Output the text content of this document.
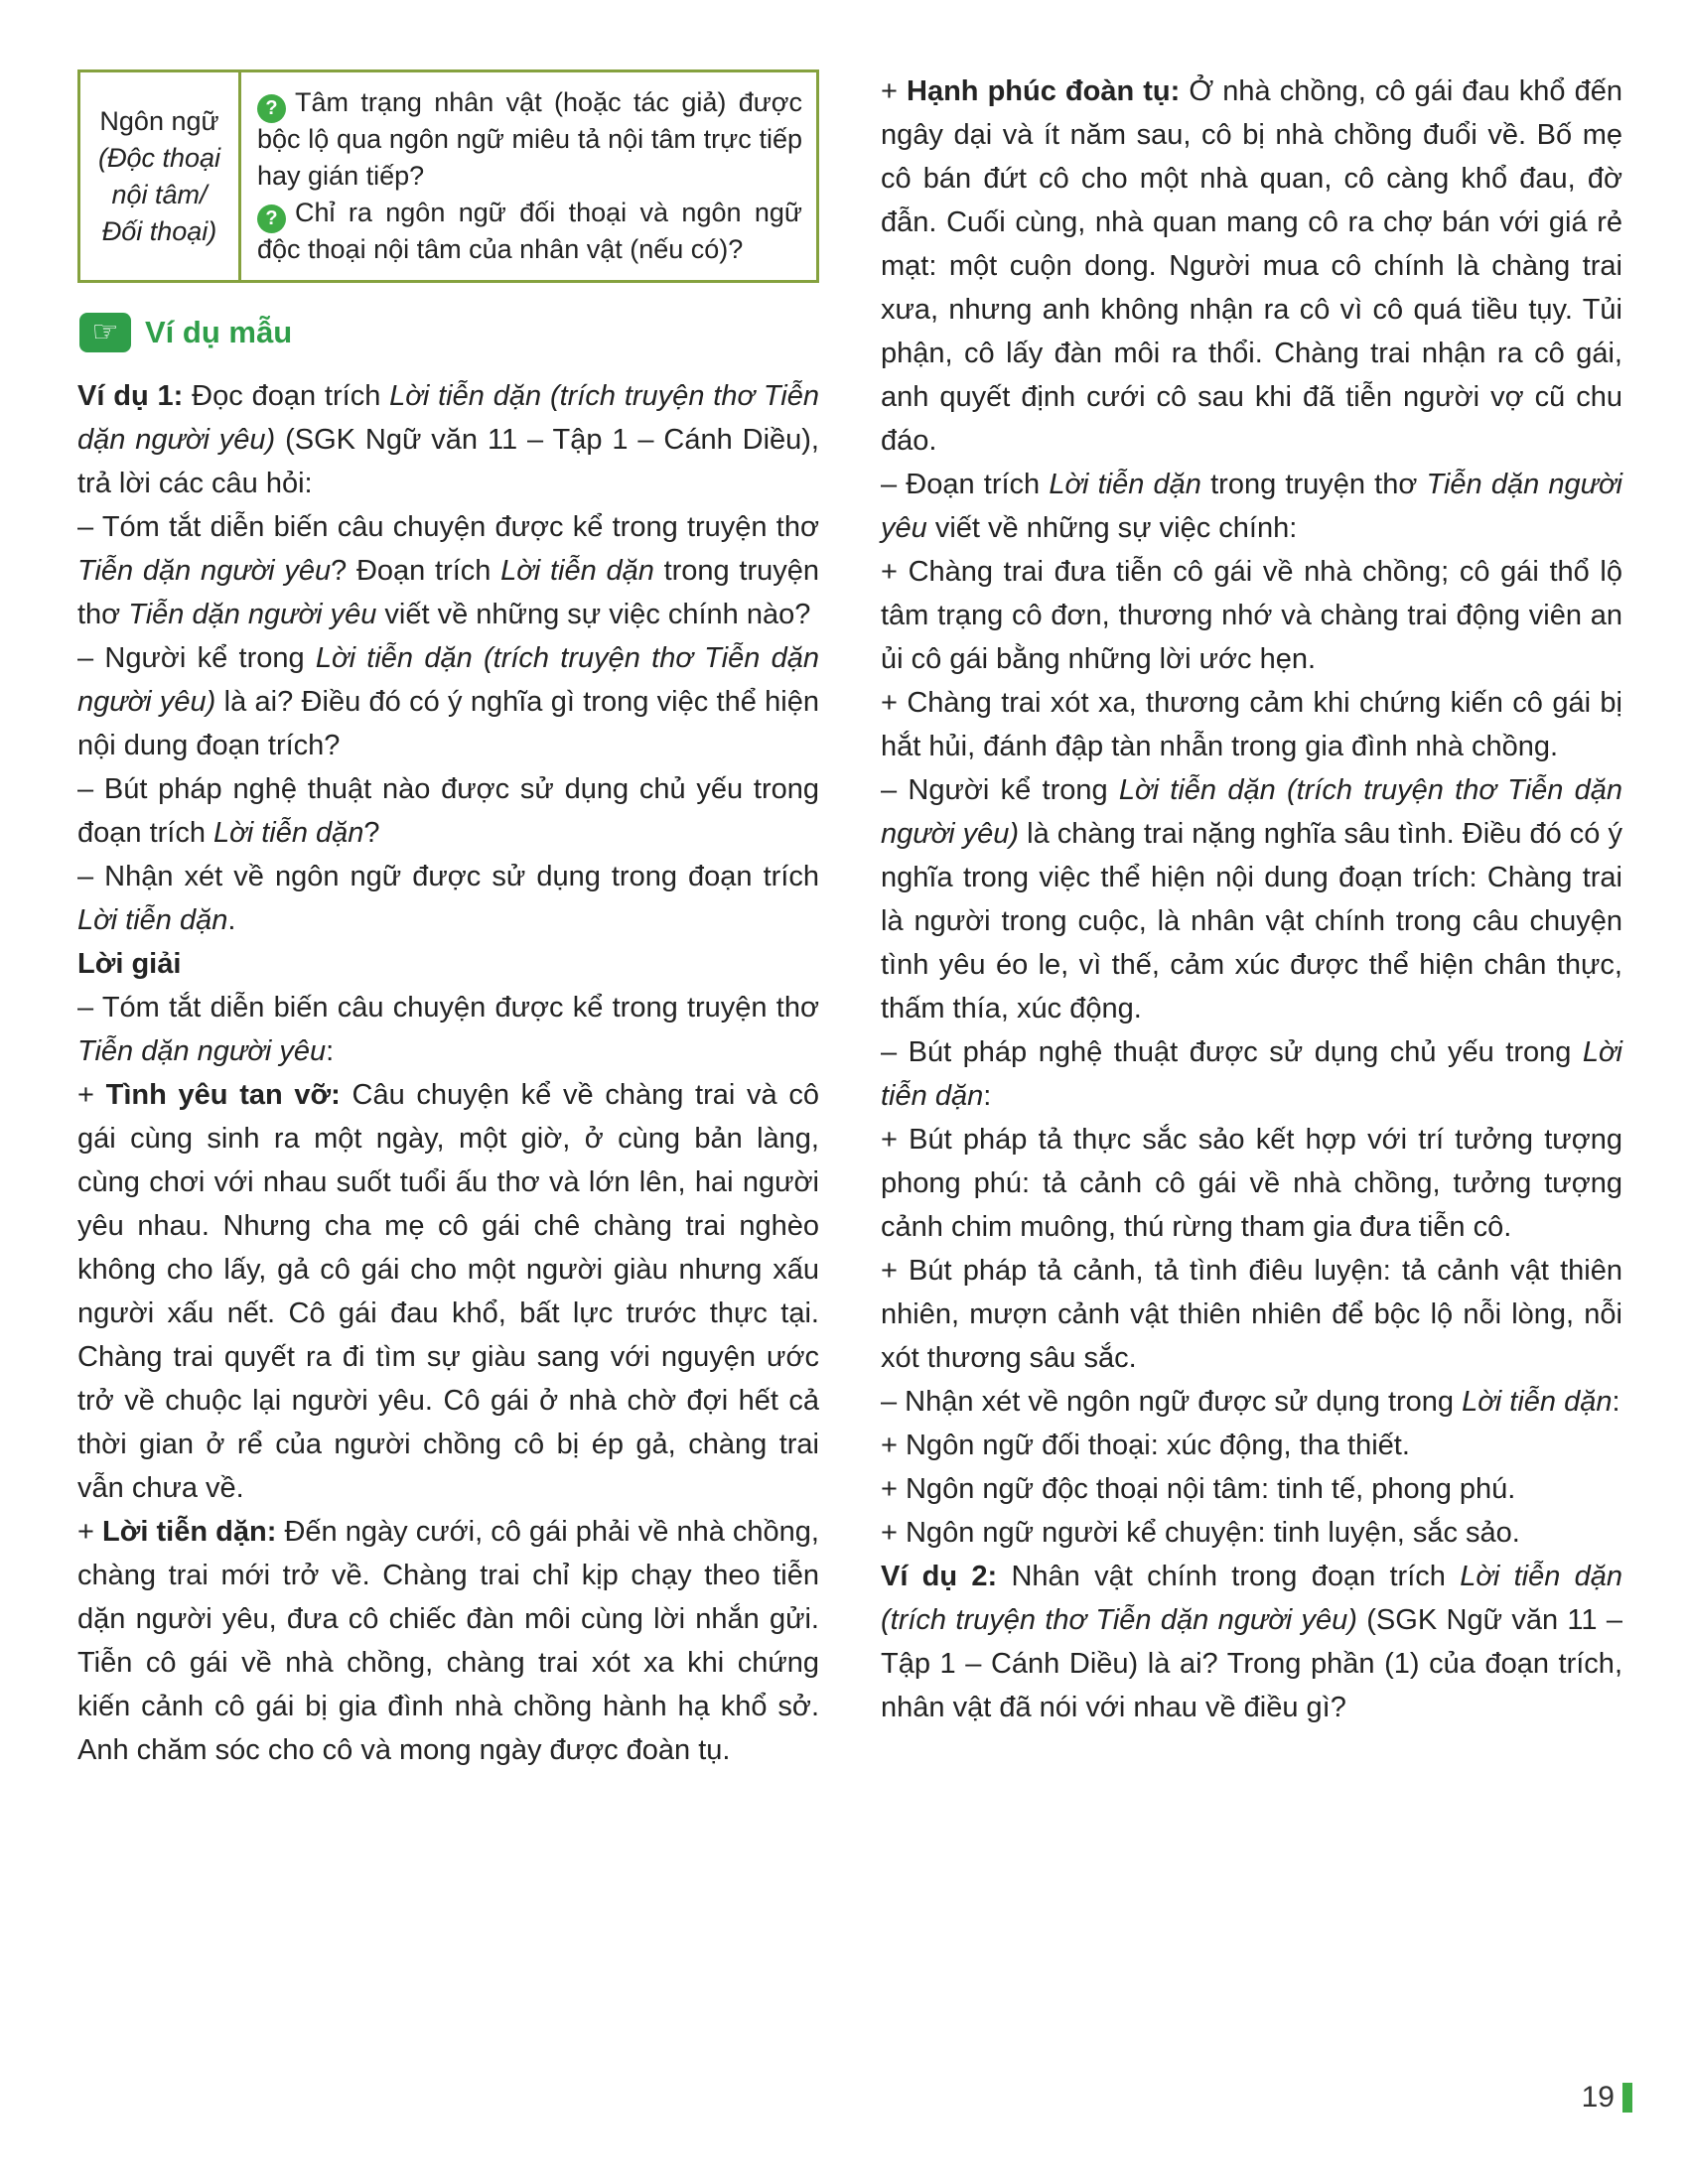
Ngôn ngữ (Độc thoại nội tâm/ Đối thoại)
? Tâm trạng nhân vật (hoặc tác giả) được bộc lộ qua ngôn ngữ miêu tả nội tâm trực tiếp hay gián tiếp?
? Chỉ ra ngôn ngữ đối thoại và ngôn ngữ độc thoại nội tâm của nhân vật (nếu có)?
☞ Ví dụ mẫu
Ví dụ 1: Đọc đoạn trích Lời tiễn dặn (trích truyện thơ Tiễn dặn người yêu) (SGK Ngữ văn 11 – Tập 1 – Cánh Diều), trả lời các câu hỏi:
– Tóm tắt diễn biến câu chuyện được kể trong truyện thơ Tiễn dặn người yêu? Đoạn trích Lời tiễn dặn trong truyện thơ Tiễn dặn người yêu viết về những sự việc chính nào?
– Người kể trong Lời tiễn dặn (trích truyện thơ Tiễn dặn người yêu) là ai? Điều đó có ý nghĩa gì trong việc thể hiện nội dung đoạn trích?
– Bút pháp nghệ thuật nào được sử dụng chủ yếu trong đoạn trích Lời tiễn dặn?
– Nhận xét về ngôn ngữ được sử dụng trong đoạn trích Lời tiễn dặn.
Lời giải
– Tóm tắt diễn biến câu chuyện được kể trong truyện thơ Tiễn dặn người yêu:
+ Tình yêu tan vỡ: Câu chuyện kể về chàng trai và cô gái cùng sinh ra một ngày, một giờ, ở cùng bản làng, cùng chơi với nhau suốt tuổi ấu thơ và lớn lên, hai người yêu nhau. Nhưng cha mẹ cô gái chê chàng trai nghèo không cho lấy, gả cô gái cho một người giàu nhưng xấu người xấu nết. Cô gái đau khổ, bất lực trước thực tại. Chàng trai quyết ra đi tìm sự giàu sang với nguyện ước trở về chuộc lại người yêu. Cô gái ở nhà chờ đợi hết cả thời gian ở rể của người chồng cô bị ép gả, chàng trai vẫn chưa về.
+ Lời tiễn dặn: Đến ngày cưới, cô gái phải về nhà chồng, chàng trai mới trở về. Chàng trai chỉ kịp chạy theo tiễn dặn người yêu, đưa cô chiếc đàn môi cùng lời nhắn gửi. Tiễn cô gái về nhà chồng, chàng trai xót xa khi chứng kiến cảnh cô gái bị gia đình nhà chồng hành hạ khổ sở. Anh chăm sóc cho cô và mong ngày được đoàn tụ.
+ Hạnh phúc đoàn tụ: Ở nhà chồng, cô gái đau khổ đến ngây dại và ít năm sau, cô bị nhà chồng đuổi về. Bố mẹ cô bán đứt cô cho một nhà quan, cô càng khổ đau, đờ đẫn. Cuối cùng, nhà quan mang cô ra chợ bán với giá rẻ mạt: một cuộn dong. Người mua cô chính là chàng trai xưa, nhưng anh không nhận ra cô vì cô quá tiều tụy. Tủi phận, cô lấy đàn môi ra thổi. Chàng trai nhận ra cô gái, anh quyết định cưới cô sau khi đã tiễn người vợ cũ chu đáo.
– Đoạn trích Lời tiễn dặn trong truyện thơ Tiễn dặn người yêu viết về những sự việc chính:
+ Chàng trai đưa tiễn cô gái về nhà chồng; cô gái thổ lộ tâm trạng cô đơn, thương nhớ và chàng trai động viên an ủi cô gái bằng những lời ước hẹn.
+ Chàng trai xót xa, thương cảm khi chứng kiến cô gái bị hắt hủi, đánh đập tàn nhẫn trong gia đình nhà chồng.
– Người kể trong Lời tiễn dặn (trích truyện thơ Tiễn dặn người yêu) là chàng trai nặng nghĩa sâu tình. Điều đó có ý nghĩa trong việc thể hiện nội dung đoạn trích: Chàng trai là người trong cuộc, là nhân vật chính trong câu chuyện tình yêu éo le, vì thế, cảm xúc được thể hiện chân thực, thấm thía, xúc động.
– Bút pháp nghệ thuật được sử dụng chủ yếu trong Lời tiễn dặn:
+ Bút pháp tả thực sắc sảo kết hợp với trí tưởng tượng phong phú: tả cảnh cô gái về nhà chồng, tưởng tượng cảnh chim muông, thú rừng tham gia đưa tiễn cô.
+ Bút pháp tả cảnh, tả tình điêu luyện: tả cảnh vật thiên nhiên, mượn cảnh vật thiên nhiên để bộc lộ nỗi lòng, nỗi xót thương sâu sắc.
– Nhận xét về ngôn ngữ được sử dụng trong Lời tiễn dặn:
+ Ngôn ngữ đối thoại: xúc động, tha thiết.
+ Ngôn ngữ độc thoại nội tâm: tinh tế, phong phú.
+ Ngôn ngữ người kể chuyện: tinh luyện, sắc sảo.
Ví dụ 2: Nhân vật chính trong đoạn trích Lời tiễn dặn (trích truyện thơ Tiễn dặn người yêu) (SGK Ngữ văn 11 – Tập 1 – Cánh Diều) là ai? Trong phần (1) của đoạn trích, nhân vật đã nói với nhau về điều gì?
19
